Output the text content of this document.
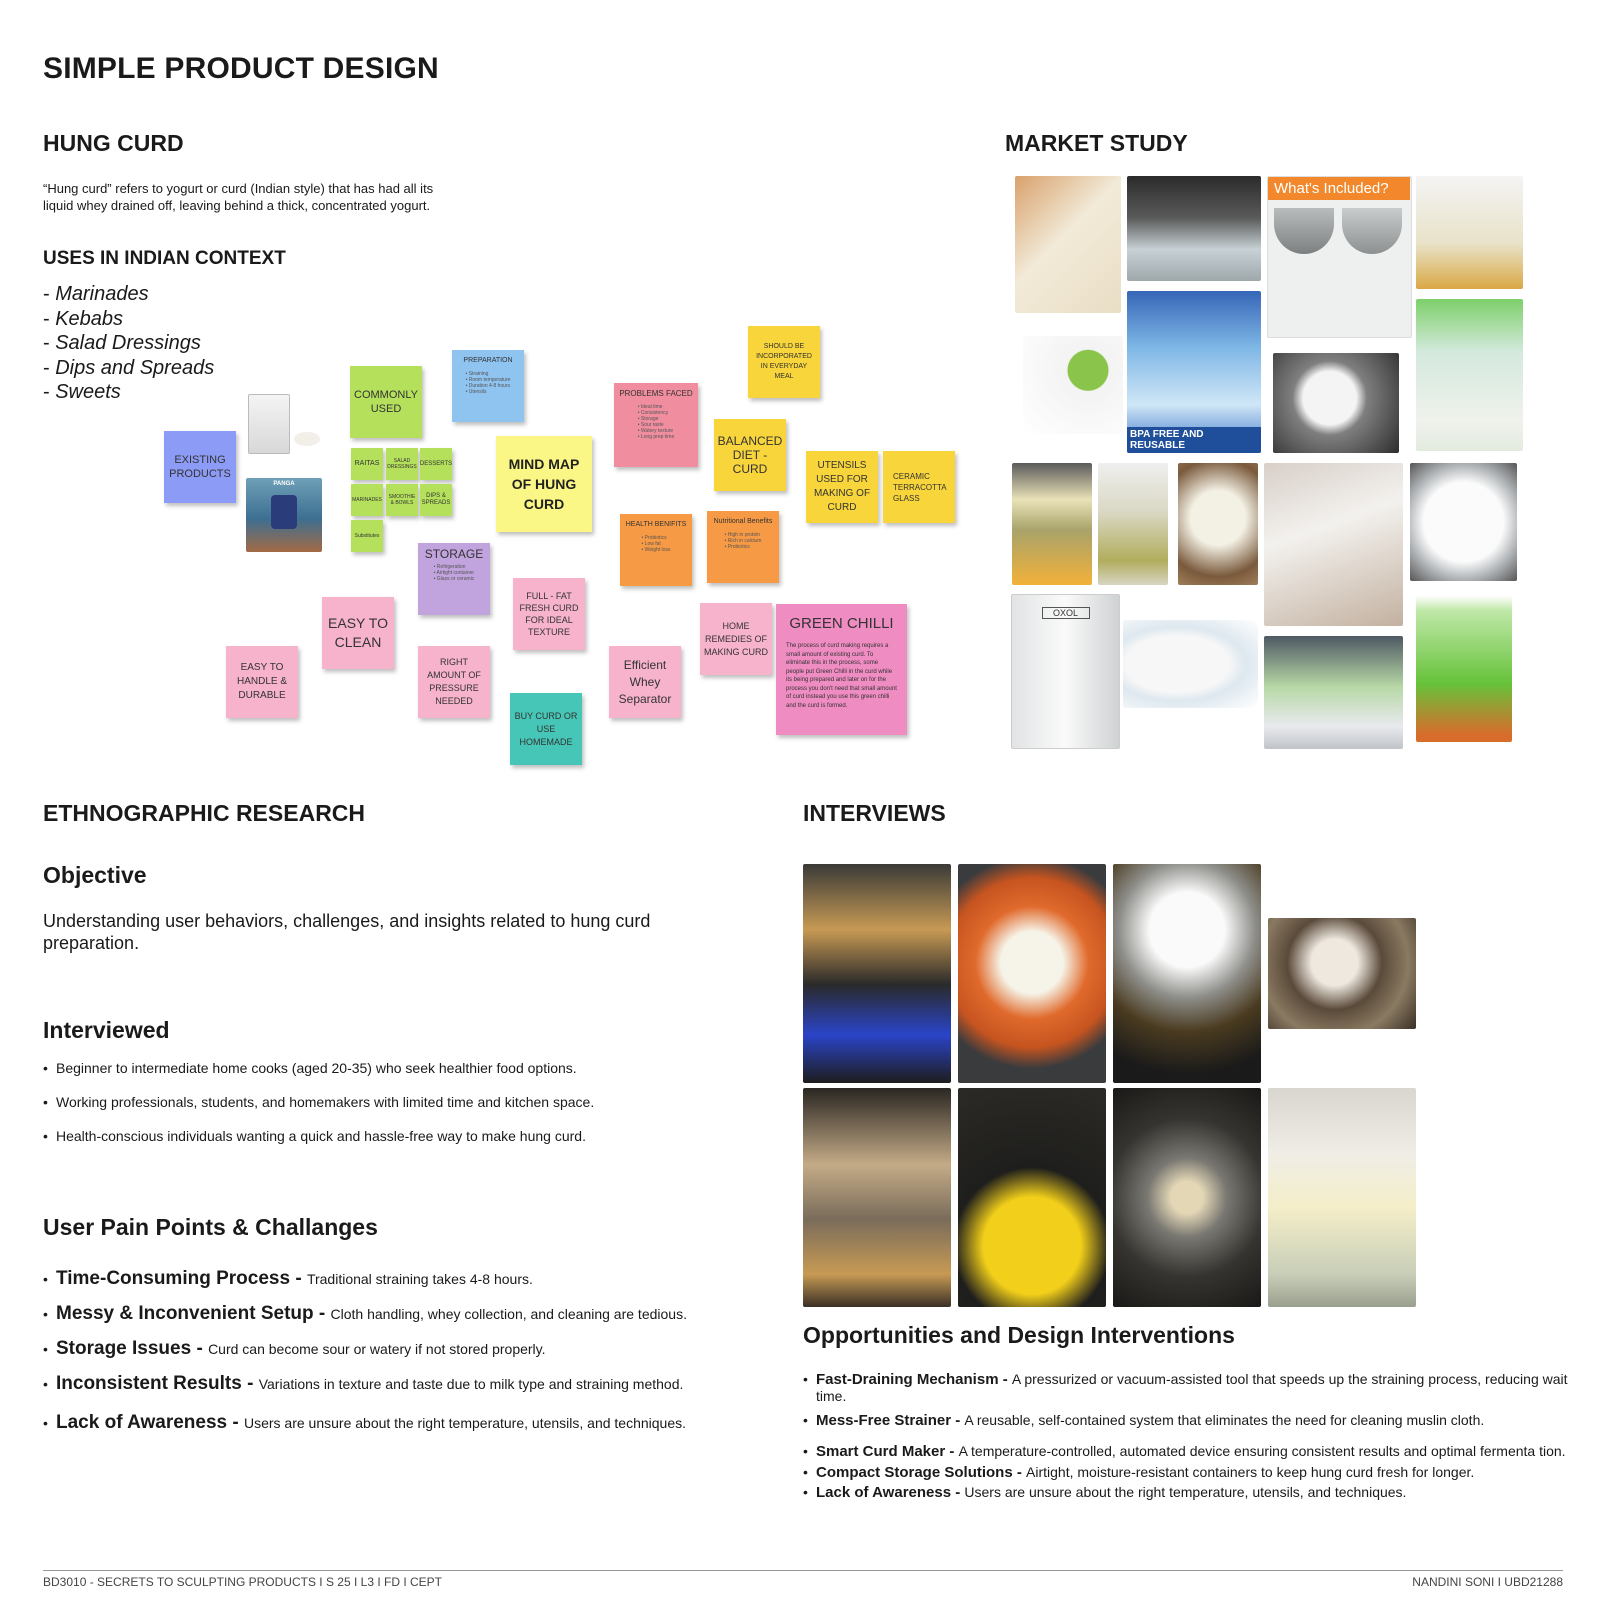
SIMPLE PRODUCT DESIGN
HUNG CURD
“Hung curd” refers to yogurt or curd (Indian style) that has had all its
liquid whey drained off, leaving behind a thick, concentrated yogurt.
USES IN INDIAN CONTEXT
- Marinades
- Kebabs
- Salad Dressings
- Dips and Spreads
- Sweets
EXISTING PRODUCTS
PANGA
COMMONLY USED
RAITAS	SALAD DRESSINGS
DESSERTS
MARINADES	SMOOTHIE & BOWLS
DIPS & SPREADS
Substitutes
PREPARATION
• Straining
• Room temperature
• Duration 4-8 hours
• Utensils
MIND MAP OF HUNG CURD
PROBLEMS FACED
• Ideal time
• Consistency
• Storage
• Sour taste
• Watery texture
• Long prep time
SHOULD BE INCORPORATED IN EVERYDAY MEAL
BALANCED DIET - CURD	UTENSILS USED FOR MAKING OF CURD
CERAMIC
TERRACOTTA
GLASS
HEALTH BENIFITS
• Probiotics
• Low fat
• Weight loss
Nutritional Benefits
• High in protein
• Rich in calcium
• Probiotics
STORAGE
• Refrigeration
• Airtight container
• Glass or ceramic
FULL - FAT FRESH CURD FOR IDEAL TEXTURE
EASY TO CLEAN
EASY TO HANDLE & DURABLE
RIGHT AMOUNT OF PRESSURE NEEDED
BUY CURD OR USE HOMEMADE
Efficient Whey Separator
HOME REMEDIES OF MAKING CURD
GREEN CHILLI
The process of curd making requires a small amount of existing curd. To eliminate this in the process, some people put Green Chilli in the curd while its being prepared and later on for the process you don't need that small amount of curd instead you use this green chilli and the curd is formed.
MARKET STUDY
What's Included?
BPA FREE AND REUSABLE
OXOL
ETHNOGRAPHIC RESEARCH
Objective
Understanding user behaviors, challenges, and insights related to hung curd preparation.
Interviewed
• Beginner to intermediate home cooks (aged 20-35) who seek healthier food options.
• Working professionals, students, and homemakers with limited time and kitchen space.
• Health-conscious individuals wanting a quick and hassle-free way to make hung curd.
User Pain Points & Challanges
• Time-Consuming Process - Traditional straining takes 4-8 hours.
• Messy & Inconvenient Setup - Cloth handling, whey collection, and cleaning are tedious.
• Storage Issues - Curd can become sour or watery if not stored properly.
• Inconsistent Results - Variations in texture and taste due to milk type and straining method.
• Lack of Awareness - Users are unsure about the right temperature, utensils, and techniques.
INTERVIEWS
Opportunities and Design Interventions
• Fast-Draining Mechanism - A pressurized or vacuum-assisted tool that speeds up the straining process, reducing wait time.
• Mess-Free Strainer - A reusable, self-contained system that eliminates the need for cleaning muslin cloth.
• Smart Curd Maker - A temperature-controlled, automated device ensuring consistent results and optimal fermenta tion.
• Compact Storage Solutions - Airtight, moisture-resistant containers to keep hung curd fresh for longer.
• Lack of Awareness - Users are unsure about the right temperature, utensils, and techniques.
BD3010 - SECRETS TO SCULPTING PRODUCTS I S 25 I L3 I FD I CEPT	NANDINI SONI I UBD21288
